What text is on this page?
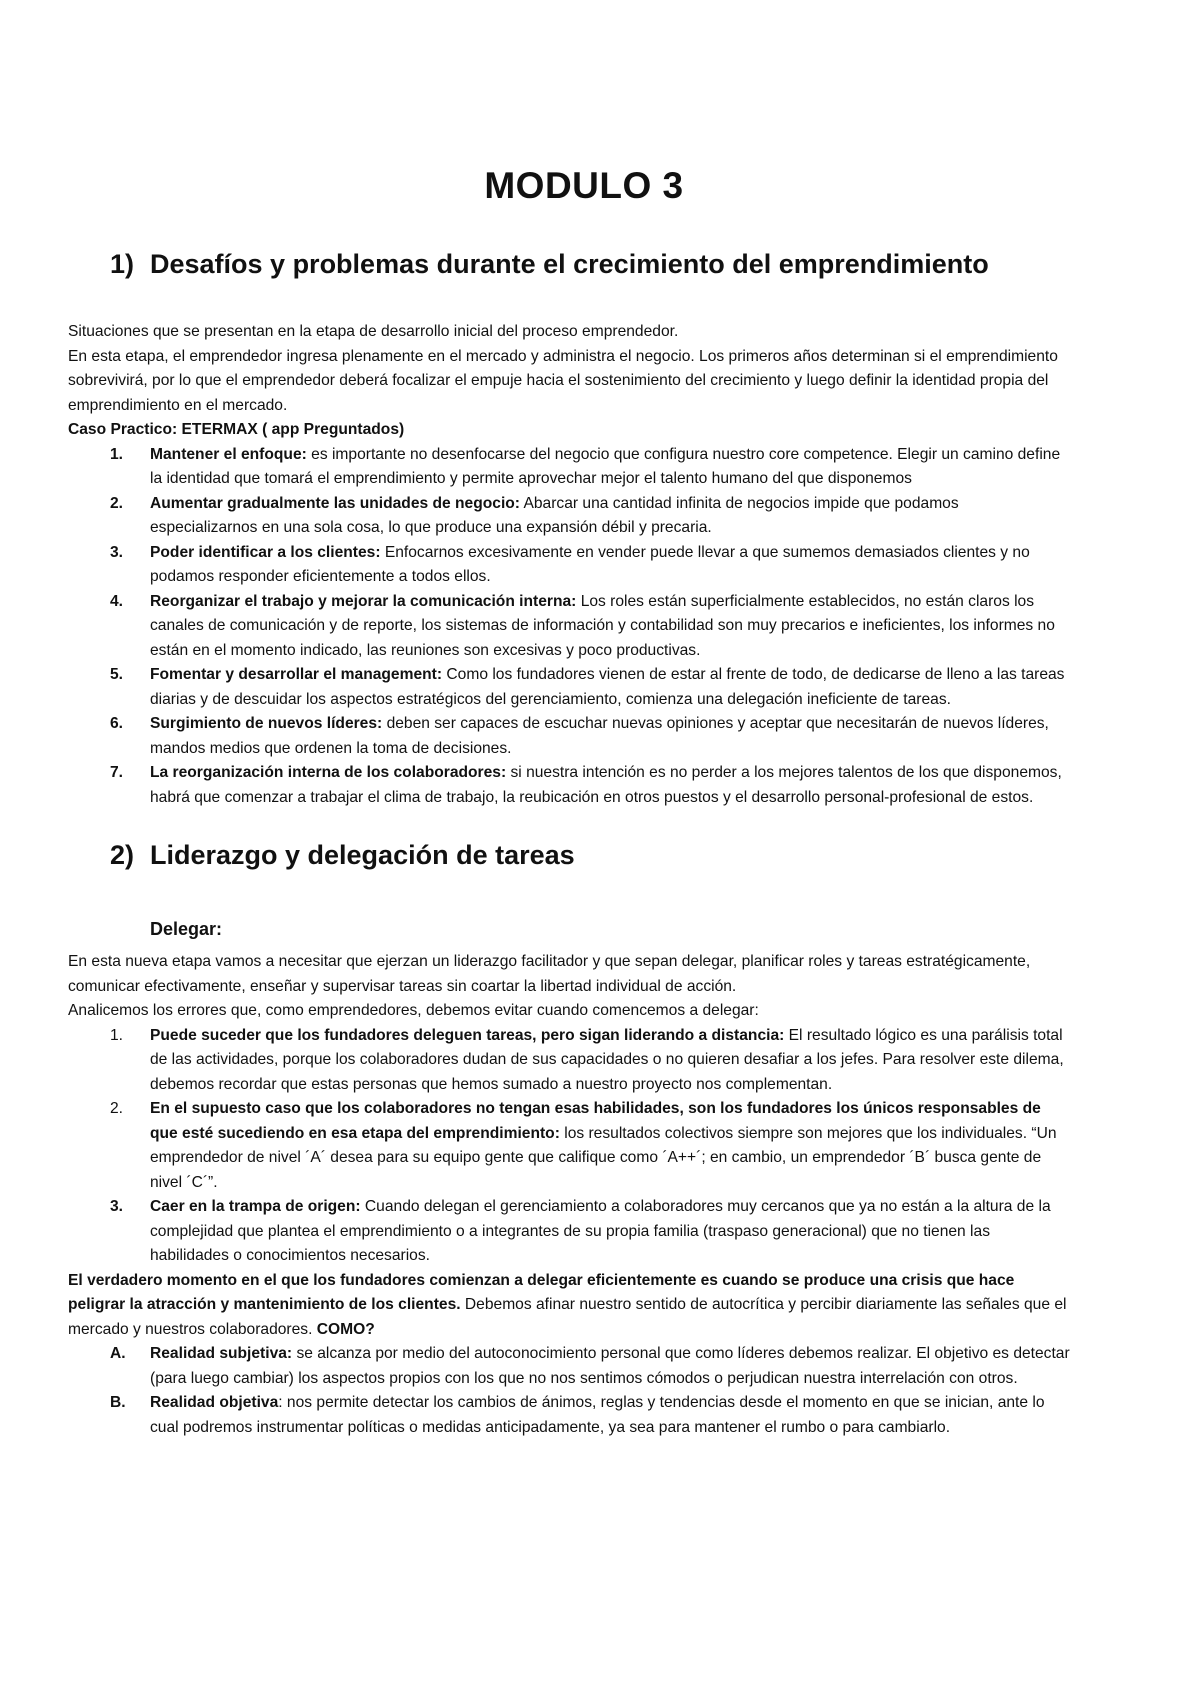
MODULO 3
1) Desafíos y problemas durante el crecimiento del emprendimiento

Situaciones que se presentan en la etapa de desarrollo inicial del proceso emprendedor.

En esta etapa, el emprendedor ingresa plenamente en el mercado y administra el negocio. Los primeros años determinan si el emprendimiento sobrevivirá, por lo que el emprendedor deberá focalizar el empuje hacia el sostenimiento del crecimiento y luego definir la identidad propia del emprendimiento en el mercado.

Caso Practico: ETERMAX ( app Preguntados)

1. Mantener el enfoque: es importante no desenfocarse del negocio que configura nuestro core competence. Elegir un camino define la identidad que tomará el emprendimiento y permite aprovechar mejor el talento humano del que disponemos
2. Aumentar gradualmente las unidades de negocio: Abarcar una cantidad infinita de negocios impide que podamos especializarnos en una sola cosa, lo que produce una expansión débil y precaria.
3. Poder identificar a los clientes: Enfocarnos excesivamente en vender puede llevar a que sumemos demasiados clientes y no podamos responder eficientemente a todos ellos.
4. Reorganizar el trabajo y mejorar la comunicación interna: Los roles están superficialmente establecidos, no están claros los canales de comunicación y de reporte, los sistemas de información y contabilidad son muy precarios e ineficientes, los informes no están en el momento indicado, las reuniones son excesivas y poco productivas.
5. Fomentar y desarrollar el management: Como los fundadores vienen de estar al frente de todo, de dedicarse de lleno a las tareas diarias y de descuidar los aspectos estratégicos del gerenciamiento, comienza una delegación ineficiente de tareas.
6. Surgimiento de nuevos líderes: deben ser capaces de escuchar nuevas opiniones y aceptar que necesitarán de nuevos líderes, mandos medios que ordenen la toma de decisiones.
7. La reorganización interna de los colaboradores: si nuestra intención es no perder a los mejores talentos de los que disponemos, habrá que comenzar a trabajar el clima de trabajo, la reubicación en otros puestos y el desarrollo personal-profesional de estos.
2) Liderazgo y delegación de tareas
Delegar:

En esta nueva etapa vamos a necesitar que ejerzan un liderazgo facilitador y que sepan delegar, planificar roles y tareas estratégicamente, comunicar efectivamente, enseñar y supervisar tareas sin coartar la libertad individual de acción.

Analicemos los errores que, como emprendedores, debemos evitar cuando comencemos a delegar:

1. Puede suceder que los fundadores deleguen tareas, pero sigan liderando a distancia: El resultado lógico es una parálisis total de las actividades, porque los colaboradores dudan de sus capacidades o no quieren desafiar a los jefes. Para resolver este dilema, debemos recordar que estas personas que hemos sumado a nuestro proyecto nos complementan.
2. En el supuesto caso que los colaboradores no tengan esas habilidades, son los fundadores los únicos responsables de que esté sucediendo en esa etapa del emprendimiento: los resultados colectivos siempre son mejores que los individuales. “Un emprendedor de nivel ´A´ desea para su equipo gente que califique como ´A++´; en cambio, un emprendedor ´B´ busca gente de nivel ´C´”.
3. Caer en la trampa de origen: Cuando delegan el gerenciamiento a colaboradores muy cercanos que ya no están a la altura de la complejidad que plantea el emprendimiento o a integrantes de su propia familia (traspaso generacional) que no tienen las habilidades o conocimientos necesarios.

El verdadero momento en el que los fundadores comienzan a delegar eficientemente es cuando se produce una crisis que hace peligrar la atracción y mantenimiento de los clientes. Debemos afinar nuestro sentido de autocrítica y percibir diariamente las señales que el mercado y nuestros colaboradores. COMO?

A. Realidad subjetiva: se alcanza por medio del autoconocimiento personal que como líderes debemos realizar. El objetivo es detectar (para luego cambiar) los aspectos propios con los que no nos sentimos cómodos o perjudican nuestra interrelación con otros.
B. Realidad objetiva: nos permite detectar los cambios de ánimos, reglas y tendencias desde el momento en que se inician, ante lo cual podremos instrumentar políticas o medidas anticipadamente, ya sea para mantener el rumbo o para cambiarlo.
